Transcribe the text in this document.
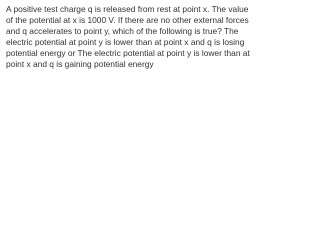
A positive test charge q is released from rest at point x. The value of the potential at x is 1000 V. If there are no other external forces and q accelerates to point y, which of the following is true? The electric potential at point y is lower than at point x and q is losing potential energy or The electric potential at point y is lower than at point x and q is gaining potential energy
